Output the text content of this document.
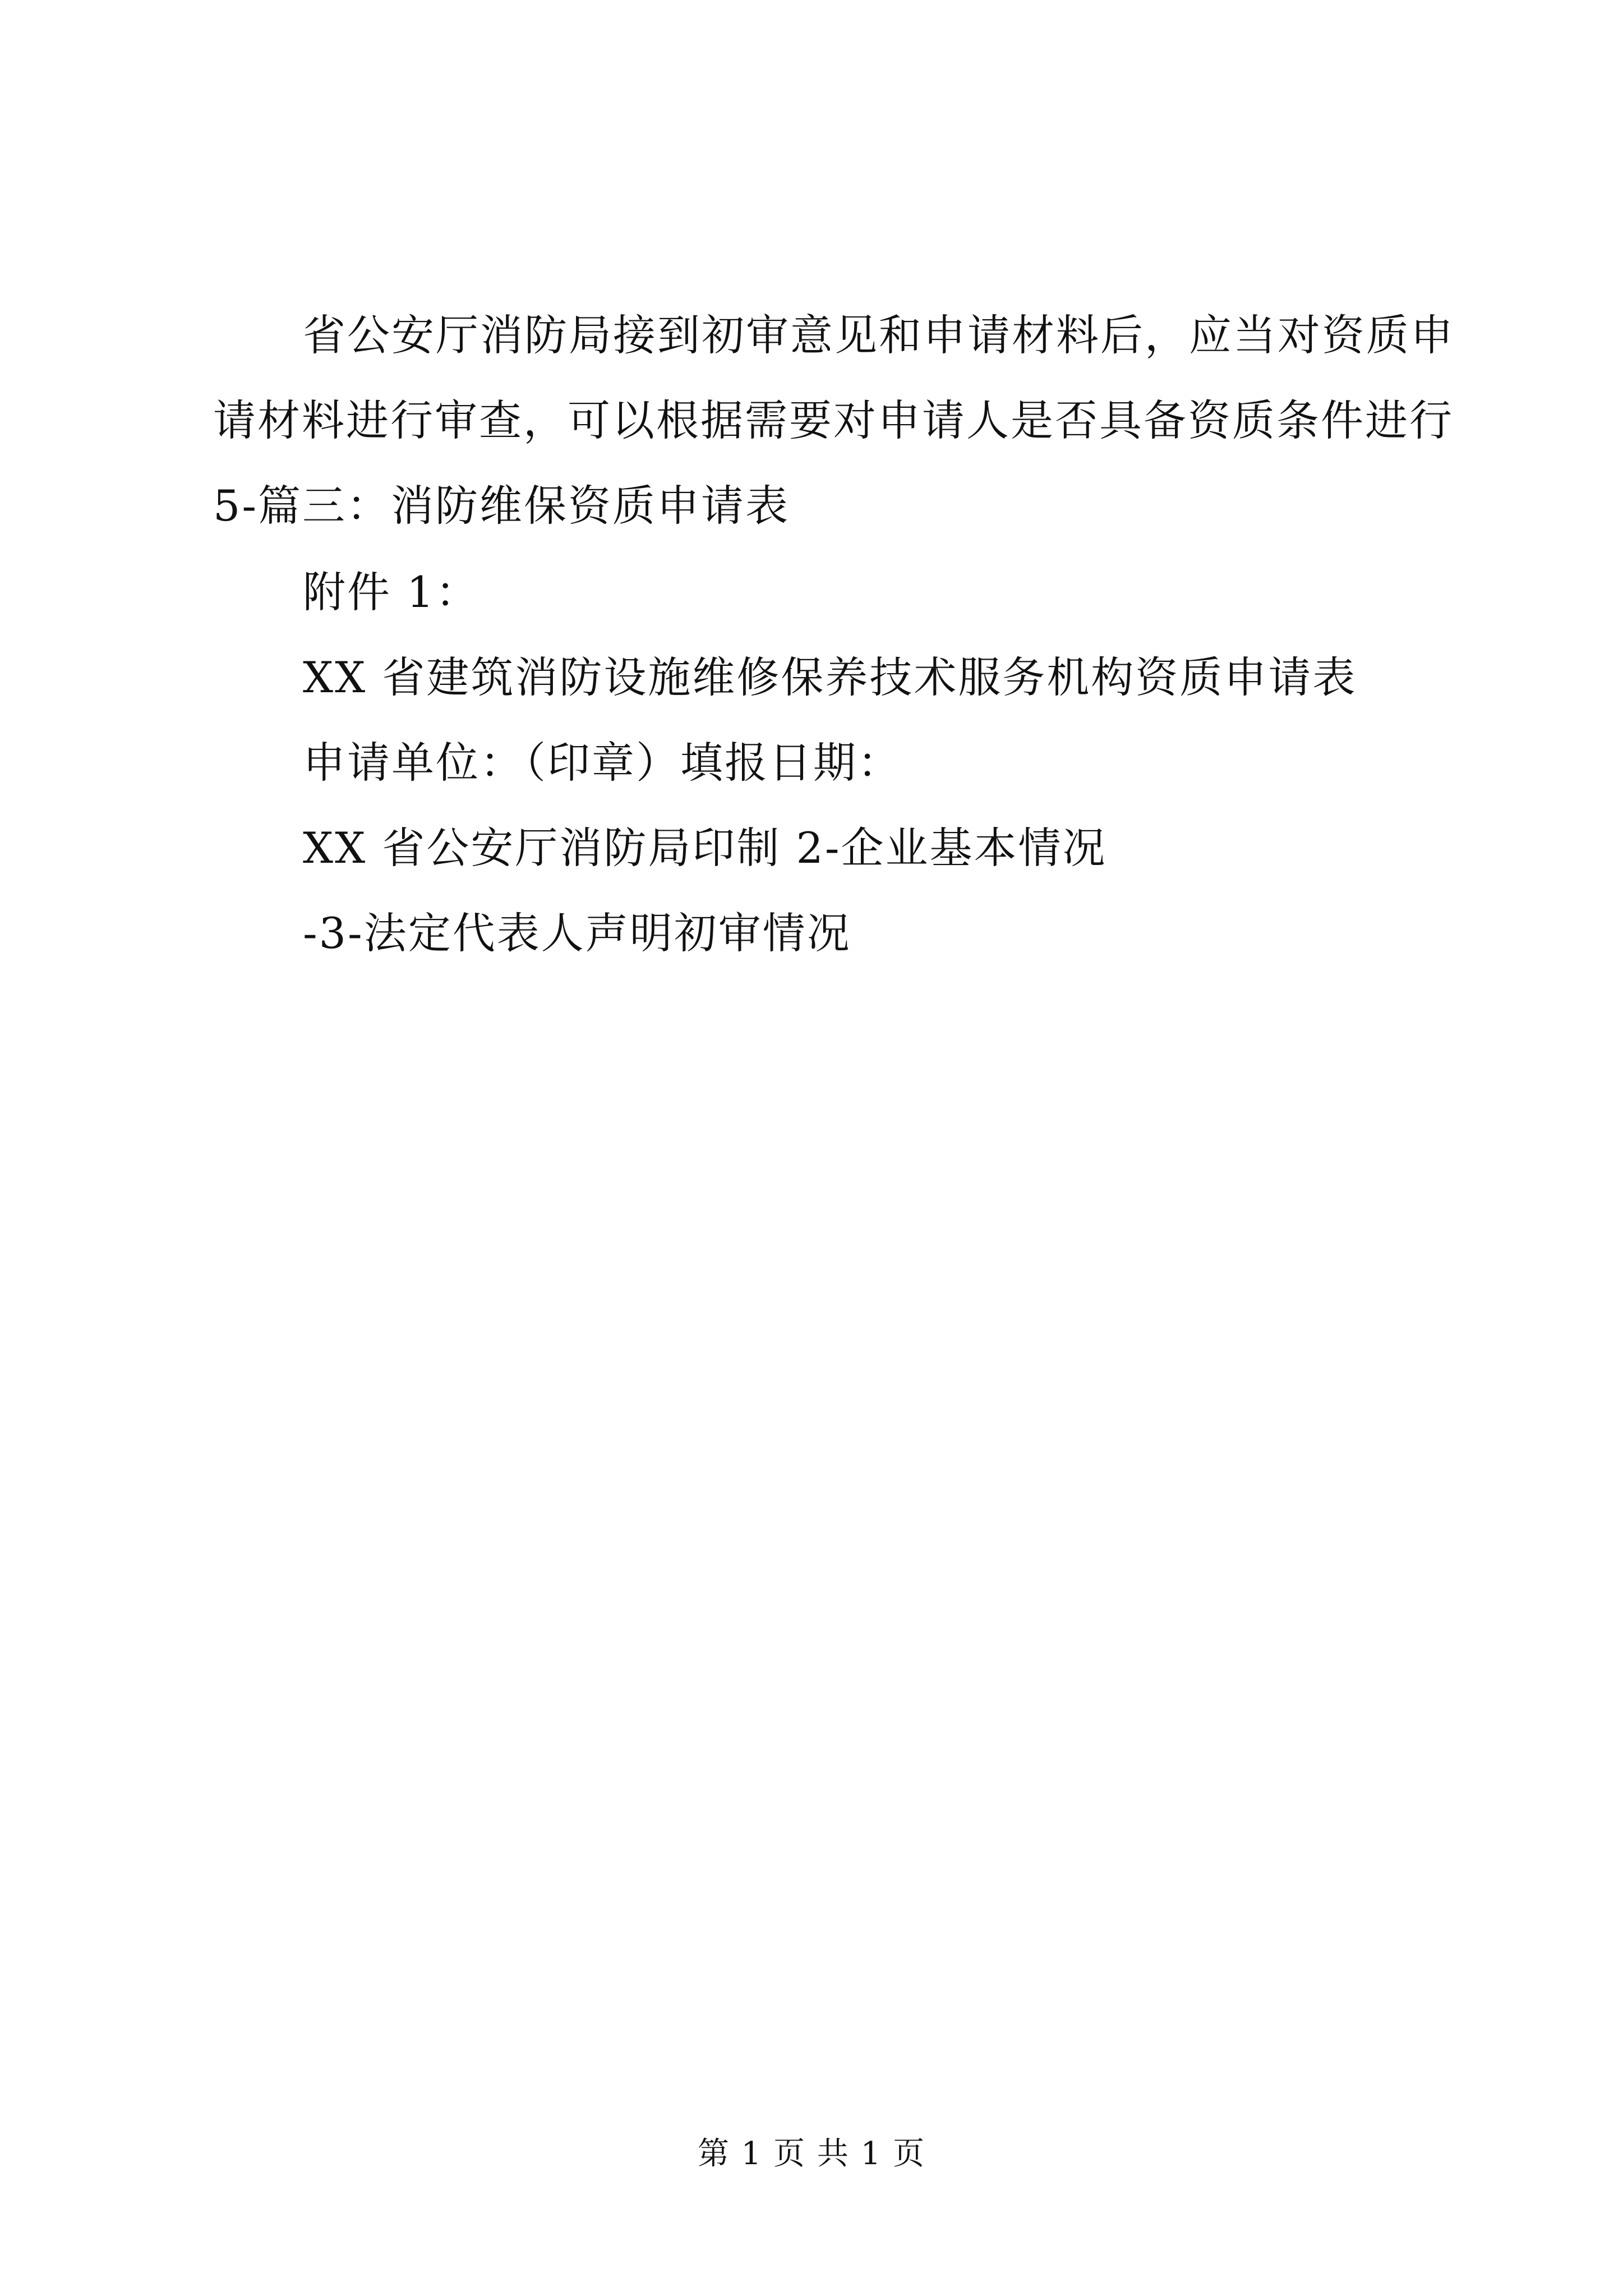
省公安厅消防局接到初审意见和申请材料后，应当对资质申
请材料进行审查，可以根据需要对申请人是否具备资质条件进行
5-篇三：消防维保资质申请表
附件 1：
XX 省建筑消防设施维修保养技术服务机构资质申请表
申请单位：（印章）填报日期：
XX 省公安厅消防局印制 2-企业基本情况
-3-法定代表人声明初审情况
第 1 页 共 1 页
